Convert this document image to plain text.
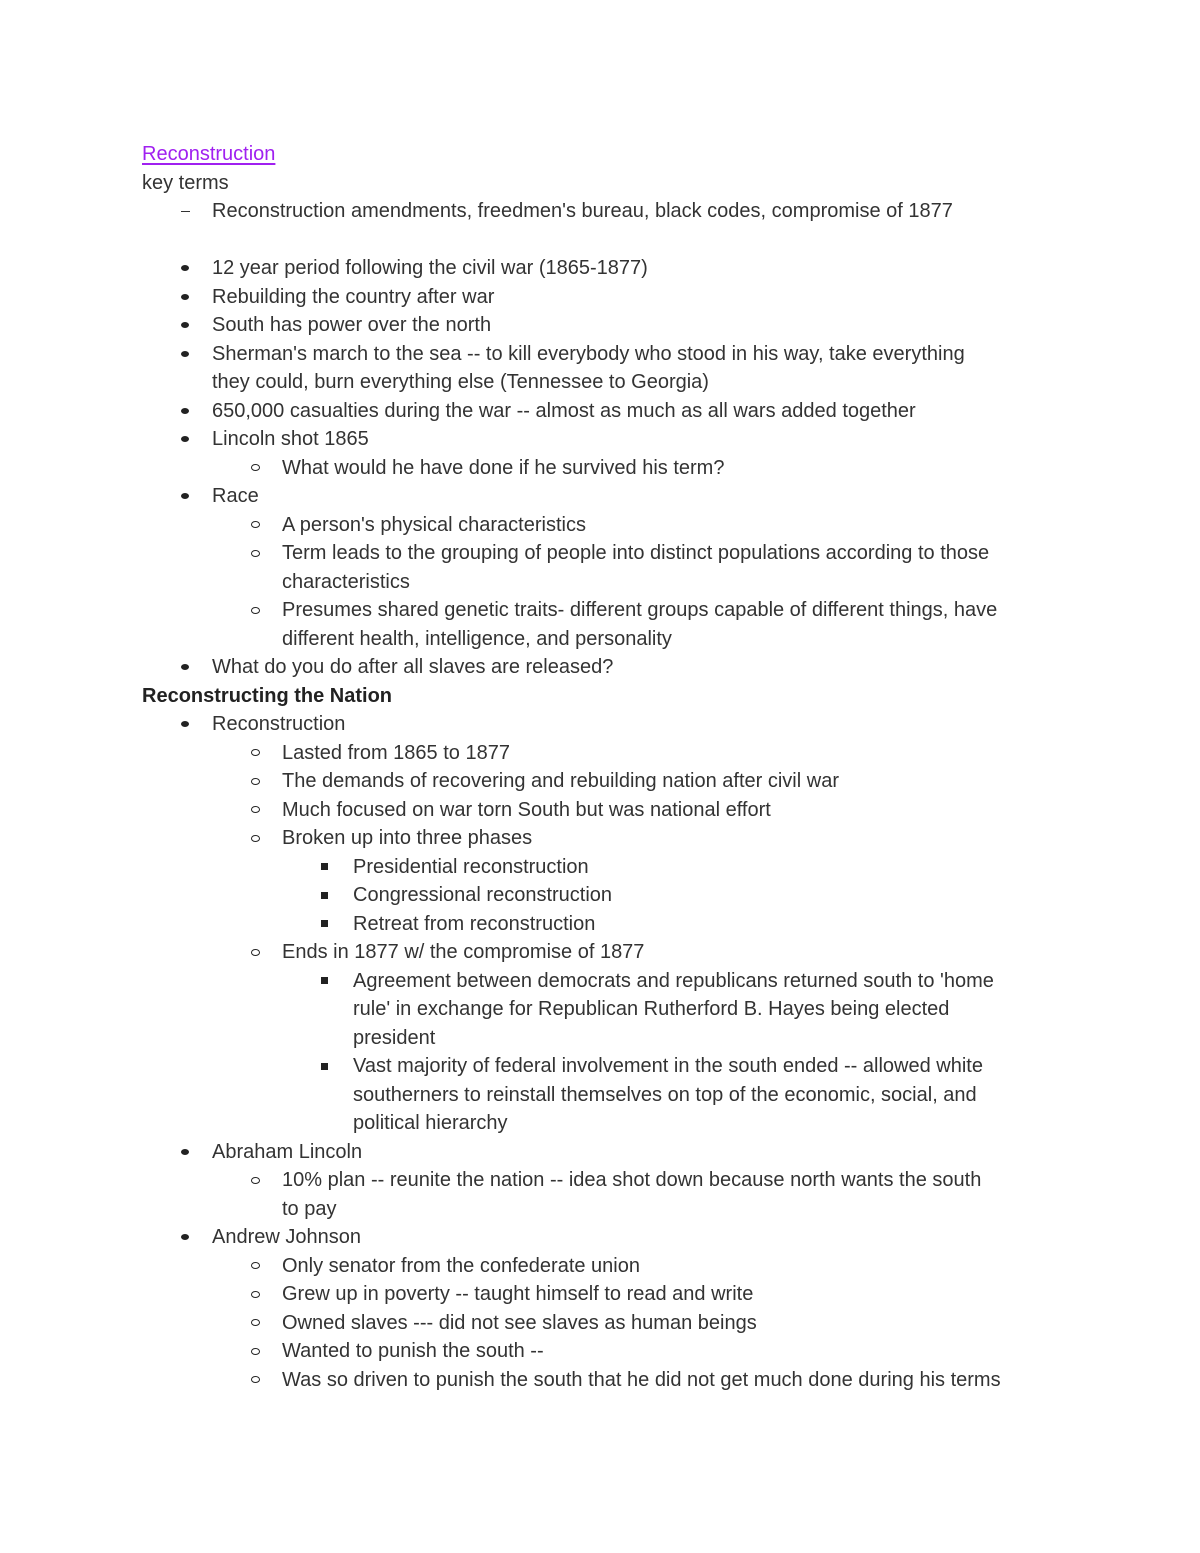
Reconstruction
key terms
Reconstruction amendments, freedmen's bureau, black codes, compromise of 1877
12 year period following the civil war (1865-1877)
Rebuilding the country after war
South has power over the north
Sherman's march to the sea -- to kill everybody who stood in his way, take everything
they could, burn everything else (Tennessee to Georgia)
650,000 casualties during the war -- almost as much as all wars added together
Lincoln shot 1865
What would he have done if he survived his term?
Race
A person's physical characteristics
Term leads to the grouping of people into distinct populations according to those
characteristics
Presumes shared genetic traits- different groups capable of different things, have
different health, intelligence, and personality
What do you do after all slaves are released?
Reconstructing the Nation
Reconstruction
Lasted from 1865 to 1877
The demands of recovering and rebuilding nation after civil war
Much focused on war torn South but was national effort
Broken up into three phases
Presidential reconstruction
Congressional reconstruction
Retreat from reconstruction
Ends in 1877 w/ the compromise of 1877
Agreement between democrats and republicans returned south to 'home
rule' in exchange for Republican Rutherford B. Hayes being elected
president
Vast majority of federal involvement in the south ended -- allowed white
southerners to reinstall themselves on top of the economic, social, and
political hierarchy
Abraham Lincoln
10% plan -- reunite the nation -- idea shot down because north wants the south
to pay
Andrew Johnson
Only senator from the confederate union
Grew up in poverty -- taught himself to read and write
Owned slaves --- did not see slaves as human beings
Wanted to punish the south --
Was so driven to punish the south that he did not get much done during his terms
